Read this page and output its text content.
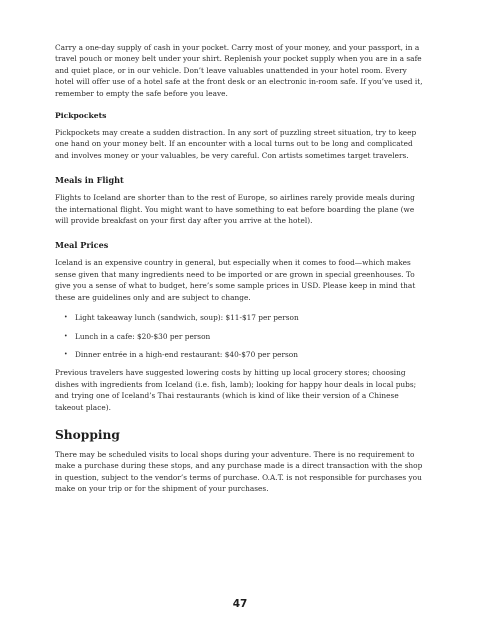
Carry a one-day supply of cash in your pocket. Carry most of your money, and your passport, in a travel pouch or money belt under your shirt. Replenish your pocket supply when you are in a safe and quiet place, or in our vehicle. Don’t leave valuables unattended in your hotel room. Every hotel will offer use of a hotel safe at the front desk or an electronic in-room safe. If you’ve used it, remember to empty the safe before you leave.

Pickpockets

Pickpockets may create a sudden distraction. In any sort of puzzling street situation, try to keep one hand on your money belt. If an encounter with a local turns out to be long and complicated and involves money or your valuables, be very careful. Con artists sometimes target travelers.

Meals in Flight

Flights to Iceland are shorter than to the rest of Europe, so airlines rarely provide meals during the international flight. You might want to have something to eat before boarding the plane (we will provide breakfast on your first day after you arrive at the hotel).

Meal Prices

Iceland is an expensive country in general, but especially when it comes to food—which makes sense given that many ingredients need to be imported or are grown in special greenhouses. To give you a sense of what to budget, here’s some sample prices in USD. Please keep in mind that these are guidelines only and are subject to change.

• Light takeaway lunch (sandwich, soup): $11-$17 per person
• Lunch in a cafe: $20-$30 per person
• Dinner entrée in a high-end restaurant: $40-$70 per person

Previous travelers have suggested lowering costs by hitting up local grocery stores; choosing dishes with ingredients from Iceland (i.e. fish, lamb); looking for happy hour deals in local pubs; and trying one of Iceland’s Thai restaurants (which is kind of like their version of a Chinese takeout place).

Shopping

There may be scheduled visits to local shops during your adventure. There is no requirement to make a purchase during these stops, and any purchase made is a direct transaction with the shop in question, subject to the vendor’s terms of purchase. O.A.T. is not responsible for purchases you make on your trip or for the shipment of your purchases.

47
